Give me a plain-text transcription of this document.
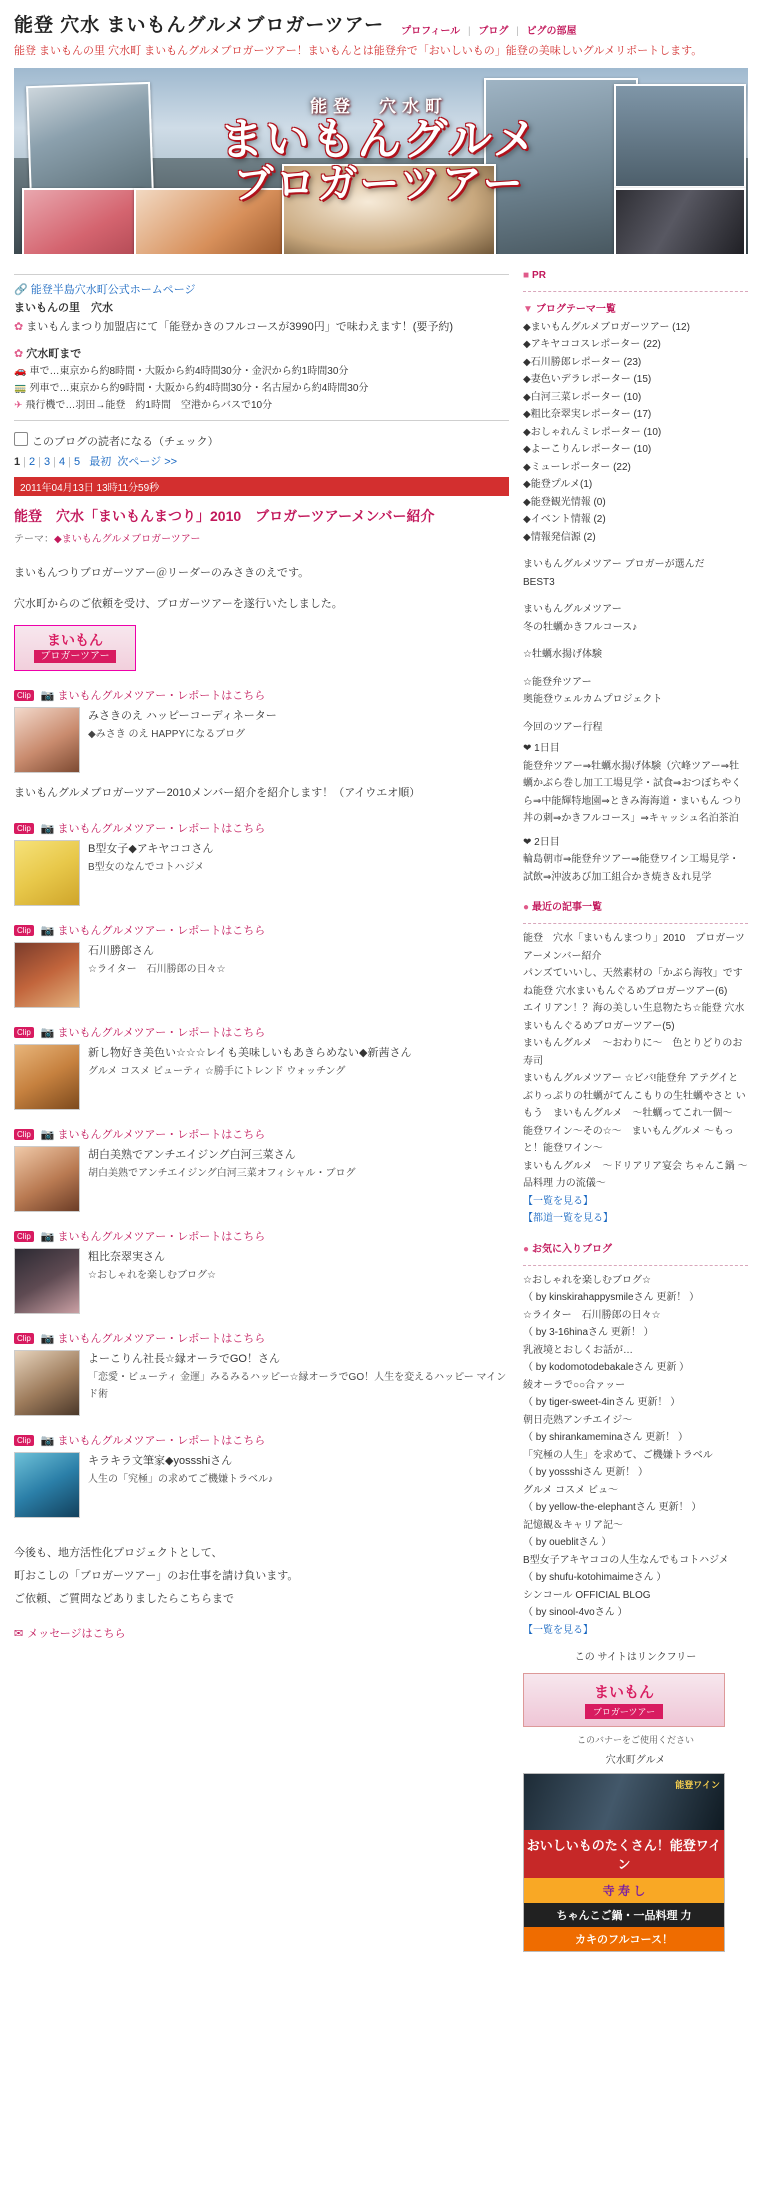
能登 穴水 まいもんグルメブロガーツアー プロフィール | ブログ | ピグの部屋
能登 まいもんの里 穴水町 まいもんグルメブロガーツアー！まいもんとは能登弁で「おいしいもの」能登の美味しいグルメリポートします。
能登　穴水町
まいもんグルメ
ブロガーツアー
🔗 能登半島穴水町公式ホームページ
まいもんの里　穴水
✿ まいもんまつり加盟店にて「能登かきのフルコースが3990円」で味わえます！(要予約)
✿ 穴水町まで
🚗 車で…東京から約8時間・大阪から約4時間30分・金沢から約1時間30分
🚃 列車で…東京から約9時間・大阪から約4時間30分・名古屋から約4時間30分
✈ 飛行機で…羽田→能登　約1時間　空港からバスで10分
このブログの読者になる（チェック）
1 | 2 | 3 | 4 | 5 最初 次ページ >>
2011年04月13日 13時11分59秒
能登　穴水「まいもんまつり」2010　ブロガーツアーメンバー紹介
テーマ：◆まいもんグルメブロガーツアー
まいもんつりブロガーツアー＠リーダーのみさきのえです。
穴水町からのご依頼を受け、ブロガーツアーを遂行いたしました。
まいもん
ブロガーツアー
Clip 📷 まいもんグルメツアー・レポートはこちら
みさきのえ ハッピーコーディネーター
◆みさき のえ HAPPYになるブログ
まいもんグルメブロガーツアー2010メンバー紹介を紹介します！（アイウエオ順）
Clip 📷 まいもんグルメツアー・レポートはこちら
B型女子◆アキヤココさん
B型女のなんでコトハジメ
Clip 📷 まいもんグルメツアー・レポートはこちら
石川勝郎さん
☆ライター　石川勝郎の日々☆
Clip 📷 まいもんグルメツアー・レポートはこちら
新し物好き美色い☆☆☆レイも美味しいもあきらめない◆新茜さん
グルメ コスメ ビューティ ☆勝手にトレンド ウォッチング
Clip 📷 まいもんグルメツアー・レポートはこちら
胡白美熟でアンチエイジング白河三菜さん
胡白美熟でアンチエイジング白河三菜オフィシャル・ブログ
Clip 📷 まいもんグルメツアー・レポートはこちら
粗比奈翠実さん
☆おしゃれを楽しむブログ☆
Clip 📷 まいもんグルメツアー・レポートはこちら
よーこりん社長☆縁オーラでGO！さん
「恋愛・ビューティ 金運」みるみるハッピー☆縁オーラでGO！人生を変えるハッピー マインド術
Clip 📷 まいもんグルメツアー・レポートはこちら
キラキラ文筆家◆yossshiさん
人生の「究極」の求めてご機嫌トラベル♪
今後も、地方活性化プロジェクトとして、
町おこしの「ブロガーツアー」のお仕事を請け負います。
ご依頼、ご質問などありましたらこちらまで
✉ メッセージはこちら
■ PR
▼ ブログテーマ一覧
◆まいもんグルメブロガーツアー (12)
◆アキヤココスレポーター (22)
◆石川勝郎レポーター (23)
◆妻色いデラレポーター (15)
◆白河三菜レポーター (10)
◆粗比奈翠実レポーター (17)
◆おしゃれんミレポーター (10)
◆よーこりんレポーター (10)
◆ミューレポーター (22)
◆能登プルメ(1)
◆能登観光情報 (0)
◆イベント情報 (2)
◆情報発信源 (2)
まいもんグルメツアー ブロガーが選んだ
BEST3
まいもんグルメツアー
冬の牡蠣かきフルコース♪
☆牡蠣水揚げ体験
☆能登弁ツアー
奥能登ウェルカムプロジェクト
今回のツアー行程
❤ 1日目
能登弁ツアー⇒牡蠣水揚げ体験（穴峰ツアー⇒牡蠣かぶら巻し加工工場見学・試食⇒おつぼちやくら⇒中能輝特地園⇒ときみ海海道・まいもん つり丼の刺⇒かきフルコース」⇒キャッシュ名泊茶泊
❤ 2日目
輪島朝市⇒能登弁ツアー⇒能登ワイン工場見学・試飲⇒沖波あび加工組合かき焼き＆れ見学
● 最近の記事一覧
能登　穴水「まいもんまつり」2010　ブロガーツアーメンバー紹介
パンズていいし、天然素材の「かぶら海牧」ですね能登 穴水まいもんぐるめブロガーツアー(6)
エイリアン！？海の美しい生息物たち☆能登 穴水まいもんぐるめブロガーツアー(5)
まいもんグルメ　〜おわりに〜　色とりどりのお寿司
まいもんグルメツアー ☆ビバ!能登弁 アテグイとぶりっぷりの牡蠣がてんこもりの生牡蠣やさと いもう　まいもんグルメ　〜牡蠣ってこれ一個〜
能登ワイン〜その☆〜　まいもんグルメ 〜もっと！能登ワイン〜
まいもんグルメ　〜ドリアリア宴会 ちゃんこ鍋 〜品料理 力の流儀〜
【一覧を見る】
【都道一覧を見る】
● お気に入りブログ
☆おしゃれを楽しむブログ☆
（ by kinskirahappysmileさん 更新！ ）
☆ライター　石川勝郎の日々☆
（ by 3-16hinaさん 更新！ ）
乳液境とおしくお話が…
（ by kodomotodebakaleさん 更新 ）
綾オーラで○○合ァッー
（ by tiger-sweet-4inさん 更新！ ）
朝日売熟アンチエイジ〜
（ by shirankameminaさん 更新！ ）
「究極の人生」を求めて、ご機嫌トラベル
（ by yossshiさん 更新！ ）
グルメ コスメ ビュ〜
（ by yellow-the-elephantさん 更新！ ）
記憶観＆キャリア記〜
（ by oueblitさん ）
B型女子アキヤココの人生なんでもコトハジメ
（ by shufu-kotohimaimeさん ）
シンコール OFFICIAL BLOG
（ by sinool-4voさん ）
【一覧を見る】
この サイトはリンクフリー
まいもん
ブロガーツアー
このバナーをご使用ください
穴水町グルメ
能登ワイン
おいしいものたくさん！能登ワイン
寺 寿 し
ちゃんこご鍋・一品料理 力
カキのフルコース！
